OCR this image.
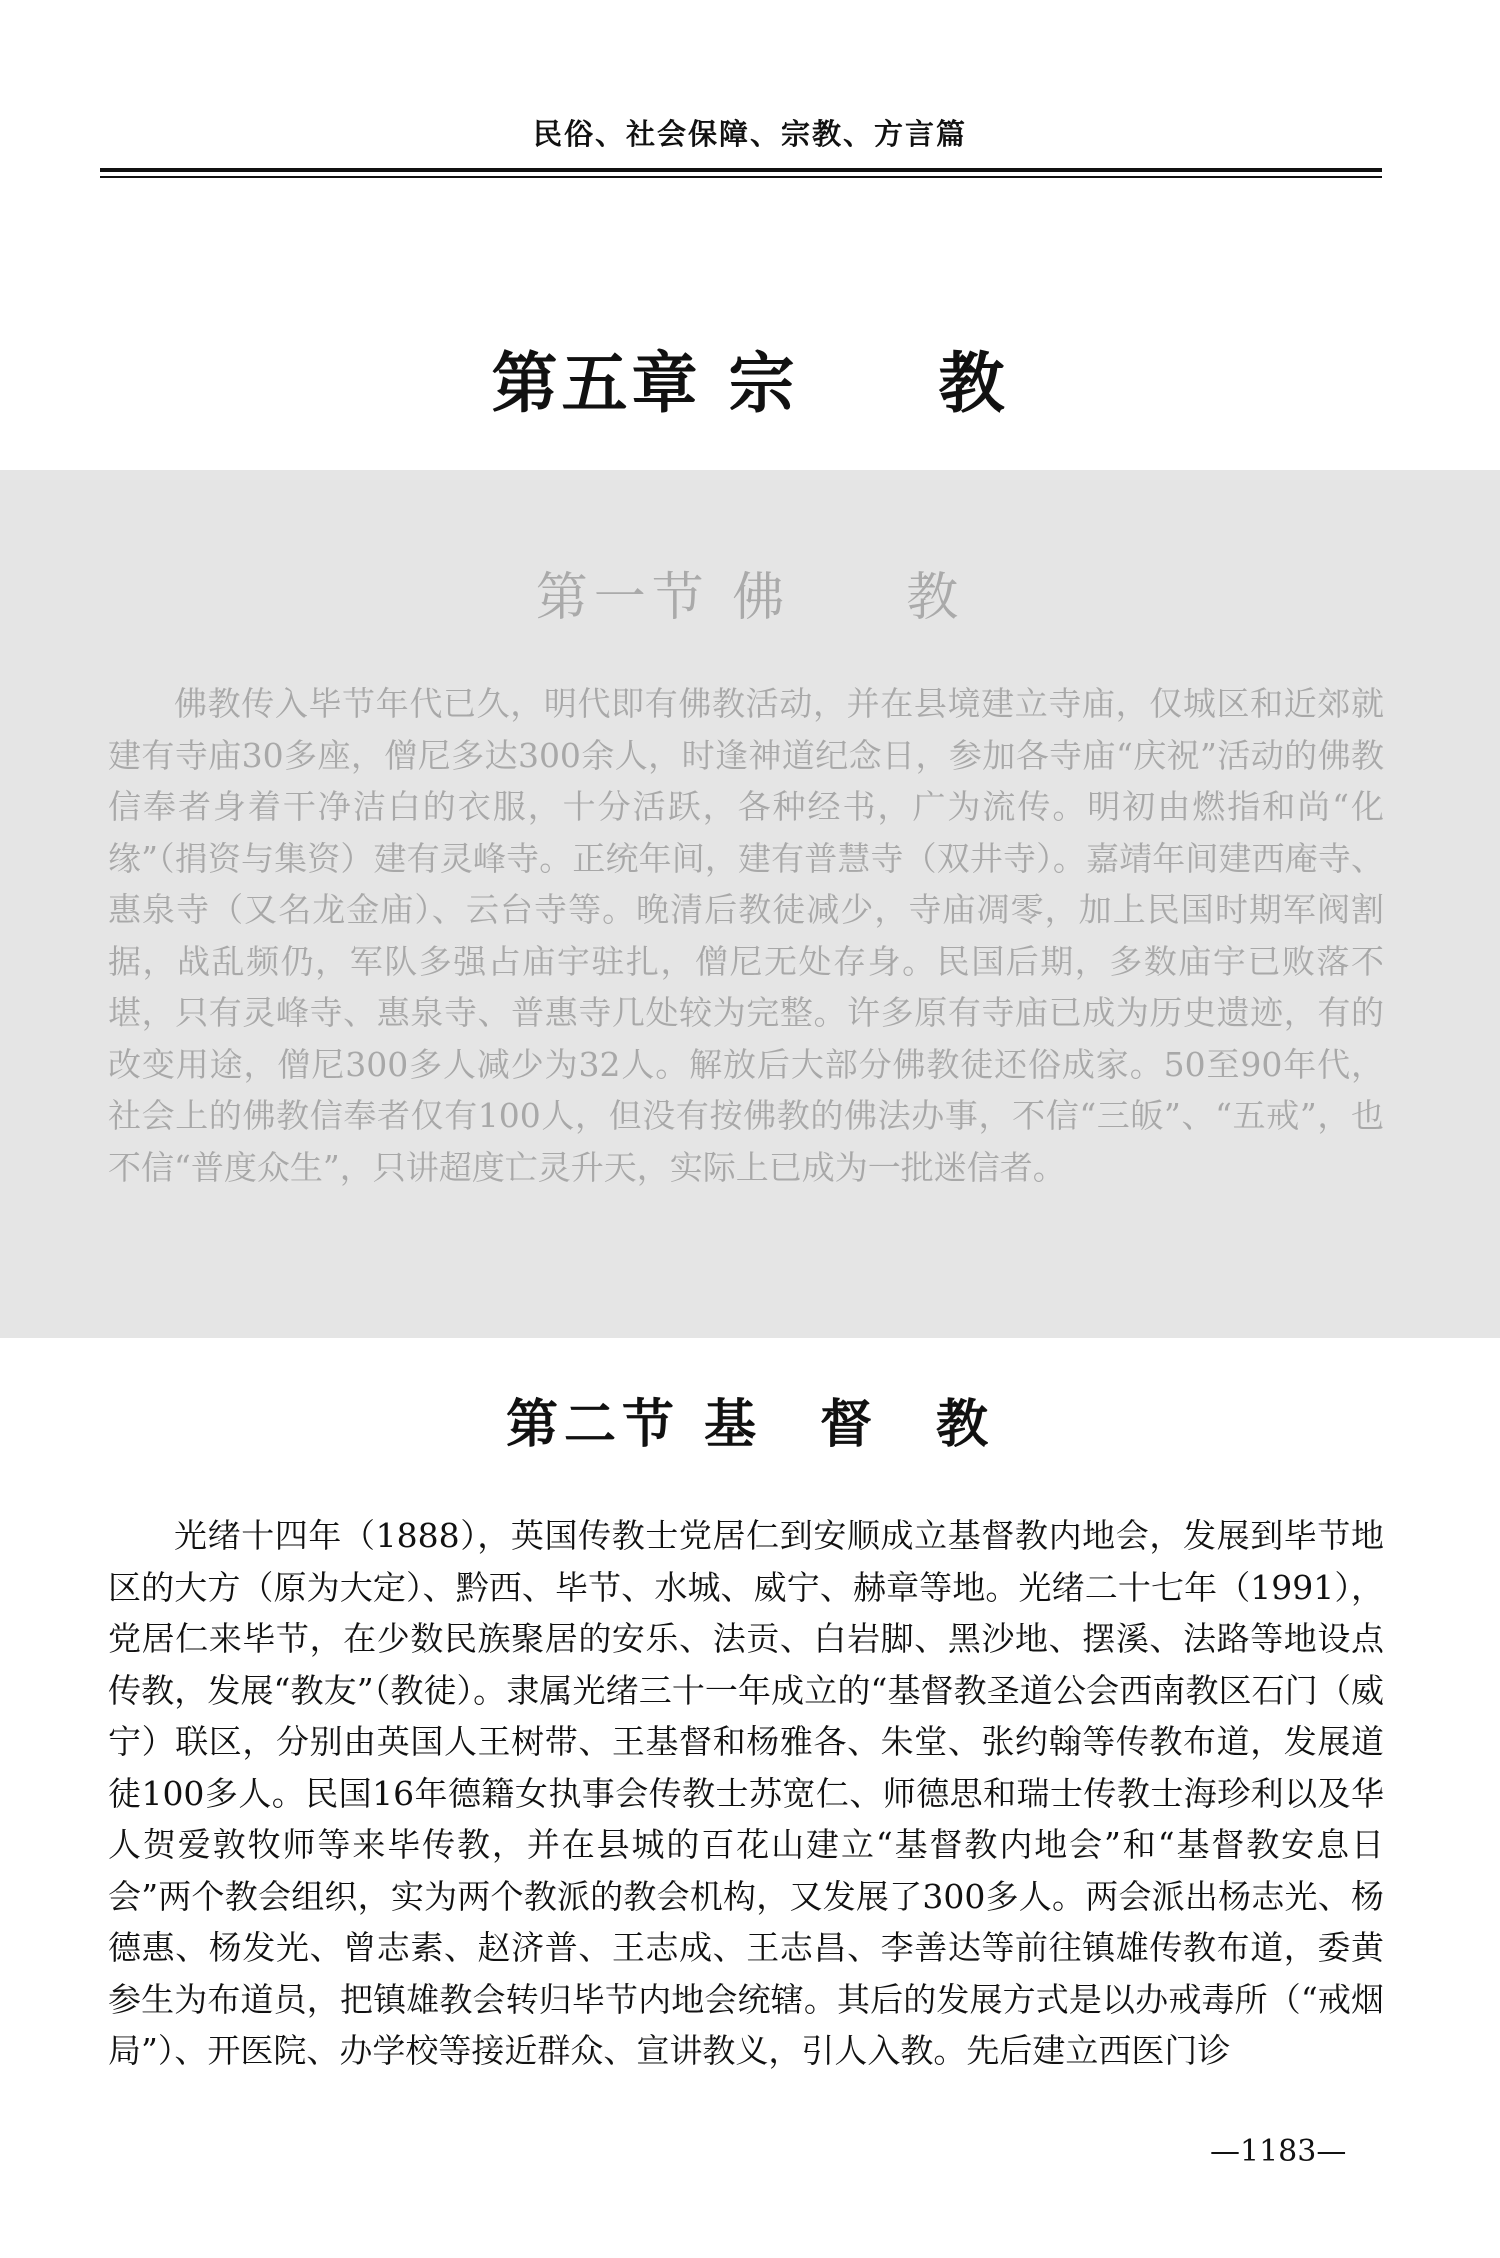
民俗、社会保障、宗教、方言篇
第五章 宗　　教
第一节 佛　　教

佛教传入毕节年代已久，明代即有佛教活动，并在县境建立寺庙，仅城区和近郊就建有寺庙30多座，僧尼多达300余人，时逢神道纪念日，参加各寺庙“庆祝”活动的佛教信奉者身着干净洁白的衣服，十分活跃，各种经书，广为流传。明初由燃指和尚“化缘”（捐资与集资）建有灵峰寺。正统年间，建有普慧寺（双井寺）。嘉靖年间建西庵寺、惠泉寺（又名龙金庙）、云台寺等。晚清后教徒减少，寺庙凋零，加上民国时期军阀割据，战乱频仍，军队多强占庙宇驻扎，僧尼无处存身。民国后期，多数庙宇已败落不堪，只有灵峰寺、惠泉寺、普惠寺几处较为完整。许多原有寺庙已成为历史遗迹，有的改变用途，僧尼300多人减少为32人。解放后大部分佛教徒还俗成家。50至90年代，社会上的佛教信奉者仅有100人，但没有按佛教的佛法办事，不信“三皈”、“五戒”，也不信“普度众生”，只讲超度亡灵升天，实际上已成为一批迷信者。

第二节 基　督　教

光绪十四年（1888），英国传教士党居仁到安顺成立基督教内地会，发展到毕节地区的大方（原为大定）、黔西、毕节、水城、威宁、赫章等地。光绪二十七年（1991），党居仁来毕节，在少数民族聚居的安乐、法贡、白岩脚、黑沙地、摆溪、法路等地设点传教，发展“教友”（教徒）。隶属光绪三十一年成立的“基督教圣道公会西南教区石门（威宁）联区，分别由英国人王树带、王基督和杨雅各、朱堂、张约翰等传教布道，发展道徒100多人。民国16年德籍女执事会传教士苏宽仁、师德思和瑞士传教士海珍利以及华人贺爱敦牧师等来毕传教，并在县城的百花山建立“基督教内地会”和“基督教安息日会”两个教会组织，实为两个教派的教会机构，又发展了300多人。两会派出杨志光、杨德惠、杨发光、曾志素、赵济普、王志成、王志昌、李善达等前往镇雄传教布道，委黄参生为布道员，把镇雄教会转归毕节内地会统辖。其后的发展方式是以办戒毒所（“戒烟局”）、开医院、办学校等接近群众、宣讲教义，引人入教。先后建立西医门诊

—1183—
